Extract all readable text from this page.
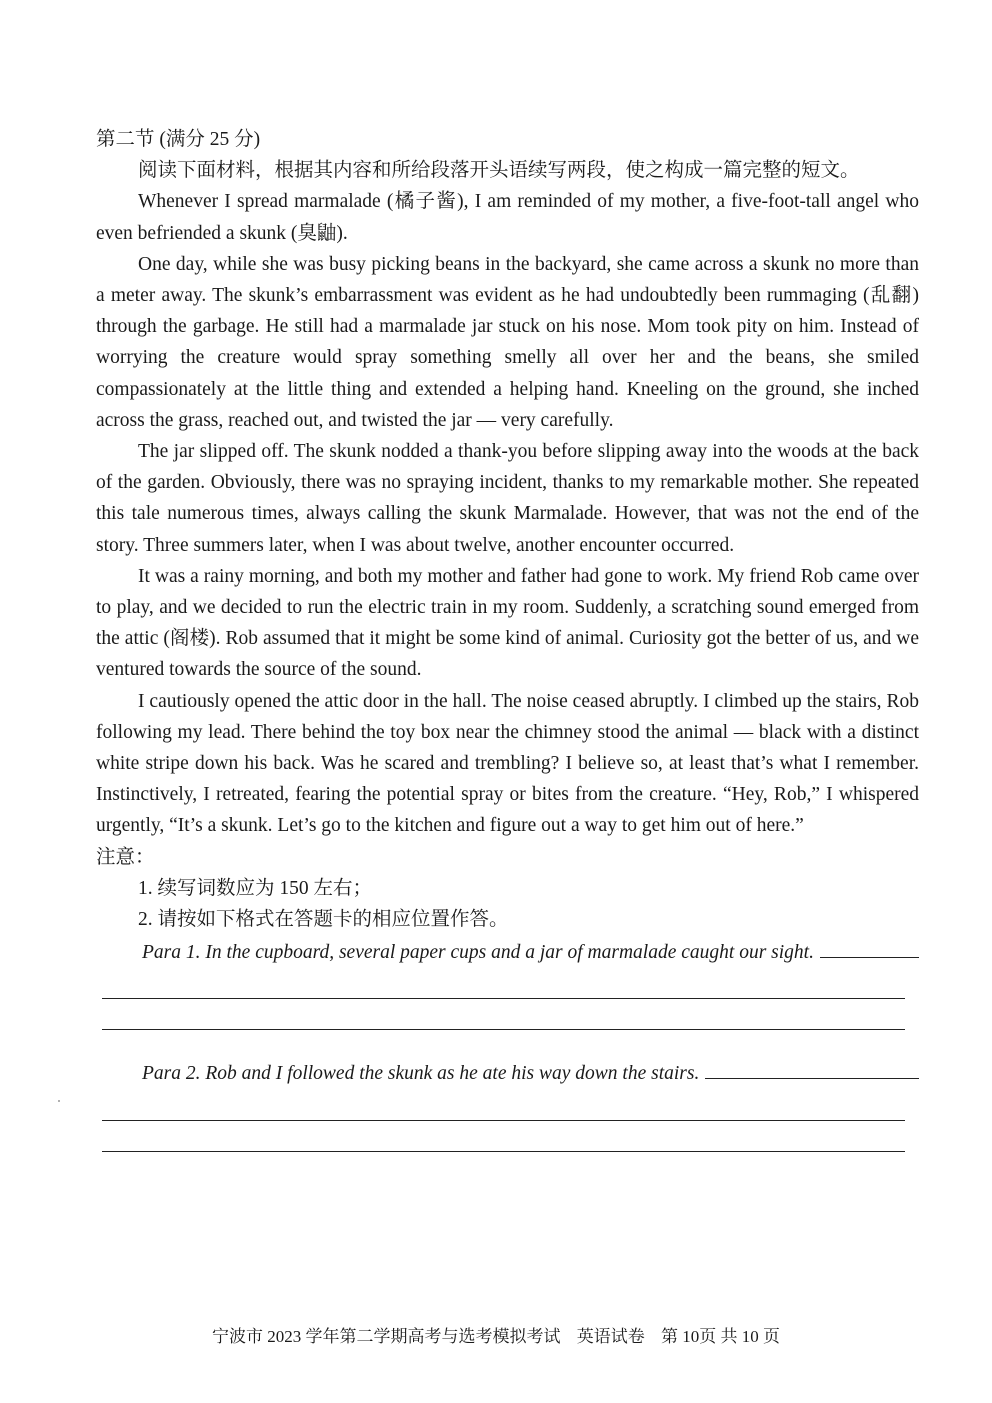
第二节 (满分 25 分)

阅读下面材料，根据其内容和所给段落开头语续写两段，使之构成一篇完整的短文。

Whenever I spread marmalade (橘子酱), I am reminded of my mother, a five-foot-tall angel who even befriended a skunk (臭鼬).

One day, while she was busy picking beans in the backyard, she came across a skunk no more than a meter away. The skunk’s embarrassment was evident as he had undoubtedly been rummaging (乱翻) through the garbage. He still had a marmalade jar stuck on his nose. Mom took pity on him. Instead of worrying the creature would spray something smelly all over her and the beans, she smiled compassionately at the little thing and extended a helping hand. Kneeling on the ground, she inched across the grass, reached out, and twisted the jar — very carefully.

The jar slipped off. The skunk nodded a thank-you before slipping away into the woods at the back of the garden. Obviously, there was no spraying incident, thanks to my remarkable mother. She repeated this tale numerous times, always calling the skunk Marmalade. However, that was not the end of the story. Three summers later, when I was about twelve, another encounter occurred.

It was a rainy morning, and both my mother and father had gone to work. My friend Rob came over to play, and we decided to run the electric train in my room. Suddenly, a scratching sound emerged from the attic (阁楼). Rob assumed that it might be some kind of animal. Curiosity got the better of us, and we ventured towards the source of the sound.

I cautiously opened the attic door in the hall. The noise ceased abruptly. I climbed up the stairs, Rob following my lead. There behind the toy box near the chimney stood the animal — black with a distinct white stripe down his back. Was he scared and trembling? I believe so, at least that’s what I remember. Instinctively, I retreated, fearing the potential spray or bites from the creature. “Hey, Rob,” I whispered urgently, “It’s a skunk. Let’s go to the kitchen and figure out a way to get him out of here.”

注意：

1. 续写词数应为 150 左右；

2. 请按如下格式在答题卡的相应位置作答。

Para 1. In the cupboard, several paper cups and a jar of marmalade caught our sight.

Para 2. Rob and I followed the skunk as he ate his way down the stairs.

宁波市 2023 学年第二学期高考与选考模拟考试 英语试卷 第 10页 共 10 页
